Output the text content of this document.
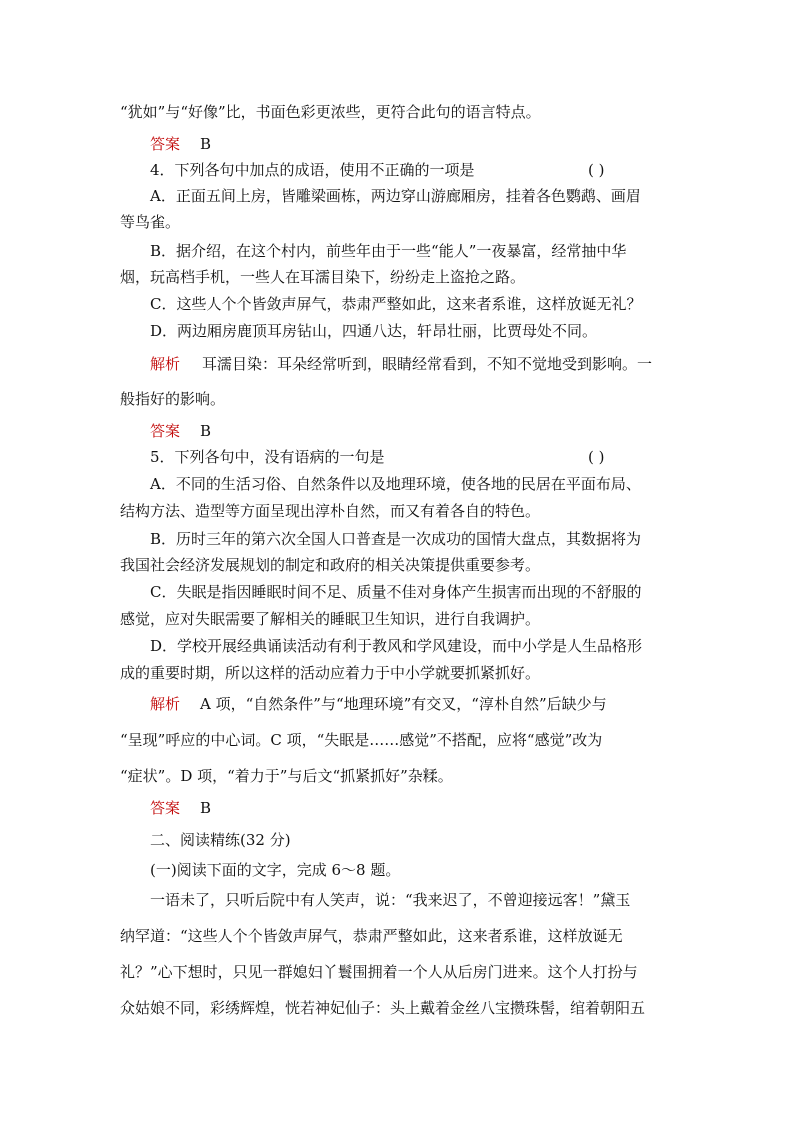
“犹如”与“好像”比，书面色彩更浓些，更符合此句的语言特点。
答案 B
4．下列各句中加点的成语，使用不正确的一项是	( )
A．正面五间上房，皆雕梁画栋，两边穿山游廊厢房，挂着各色鹦鹉、画眉
等鸟雀。
B．据介绍，在这个村内，前些年由于一些“能人”一夜暴富，经常抽中华
烟，玩高档手机，一些人在耳濡目染下，纷纷走上盗抢之路。
C．这些人个个皆敛声屏气，恭肃严整如此，这来者系谁，这样放诞无礼？
D．两边厢房鹿顶耳房钻山，四通八达，轩昂壮丽，比贾母处不同。
解析 耳濡目染：耳朵经常听到，眼睛经常看到，不知不觉地受到影响。一
般指好的影响。
答案 B
5．下列各句中，没有语病的一句是	( )
A．不同的生活习俗、自然条件以及地理环境，使各地的民居在平面布局、
结构方法、造型等方面呈现出淳朴自然，而又有着各自的特色。
B．历时三年的第六次全国人口普查是一次成功的国情大盘点，其数据将为
我国社会经济发展规划的制定和政府的相关决策提供重要参考。
C．失眠是指因睡眠时间不足、质量不佳对身体产生损害而出现的不舒服的
感觉，应对失眠需要了解相关的睡眠卫生知识，进行自我调护。
D．学校开展经典诵读活动有利于教风和学风建设，而中小学是人生品格形
成的重要时期，所以这样的活动应着力于中小学就要抓紧抓好。
解析 A 项，“自然条件”与“地理环境”有交叉，“淳朴自然”后缺少与
“呈现”呼应的中心词。C 项，“失眠是……感觉”不搭配，应将“感觉”改为
“症状”。D 项，“着力于”与后文“抓紧抓好”杂糅。
答案 B
二、阅读精练(32 分)
(一)阅读下面的文字，完成 6～8 题。
一语未了，只听后院中有人笑声，说：“我来迟了，不曾迎接远客！”黛玉
纳罕道：“这些人个个皆敛声屏气，恭肃严整如此，这来者系谁，这样放诞无
礼？”心下想时，只见一群媳妇丫鬟围拥着一个人从后房门进来。这个人打扮与
众姑娘不同，彩绣辉煌，恍若神妃仙子：头上戴着金丝八宝攒珠髻，绾着朝阳五
